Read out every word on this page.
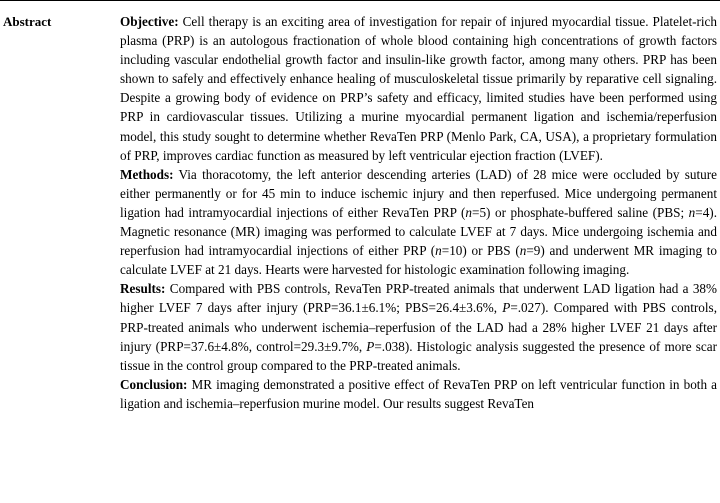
Abstract	Objective: Cell therapy is an exciting area of investigation for repair of injured myocardial tissue. Platelet-rich plasma (PRP) is an autologous fractionation of whole blood containing high concentrations of growth factors including vascular endothelial growth factor and insulin-like growth factor, among many others. PRP has been shown to safely and effectively enhance healing of musculoskeletal tissue primarily by reparative cell signaling. Despite a growing body of evidence on PRP’s safety and efficacy, limited studies have been performed using PRP in cardiovascular tissues. Utilizing a murine myocardial permanent ligation and ischemia/reperfusion model, this study sought to determine whether RevaTen PRP (Menlo Park, CA, USA), a proprietary formulation of PRP, improves cardiac function as measured by left ventricular ejection fraction (LVEF).

Methods: Via thoracotomy, the left anterior descending arteries (LAD) of 28 mice were occluded by suture either permanently or for 45 min to induce ischemic injury and then reperfused. Mice undergoing permanent ligation had intramyocardial injections of either RevaTen PRP (n=5) or phosphate-buffered saline (PBS; n=4). Magnetic resonance (MR) imaging was performed to calculate LVEF at 7 days. Mice undergoing ischemia and reperfusion had intramyocardial injections of either PRP (n=10) or PBS (n=9) and underwent MR imaging to calculate LVEF at 21 days. Hearts were harvested for histologic examination following imaging.

Results: Compared with PBS controls, RevaTen PRP-treated animals that underwent LAD ligation had a 38% higher LVEF 7 days after injury (PRP=36.1±6.1%; PBS=26.4±3.6%, P=.027). Compared with PBS controls, PRP-treated animals who underwent ischemia–reperfusion of the LAD had a 28% higher LVEF 21 days after injury (PRP=37.6±4.8%, control=29.3±9.7%, P=.038). Histologic analysis suggested the presence of more scar tissue in the control group compared to the PRP-treated animals.

Conclusion: MR imaging demonstrated a positive effect of RevaTen PRP on left ventricular function in both a ligation and ischemia–reperfusion murine model. Our results suggest RevaTen
